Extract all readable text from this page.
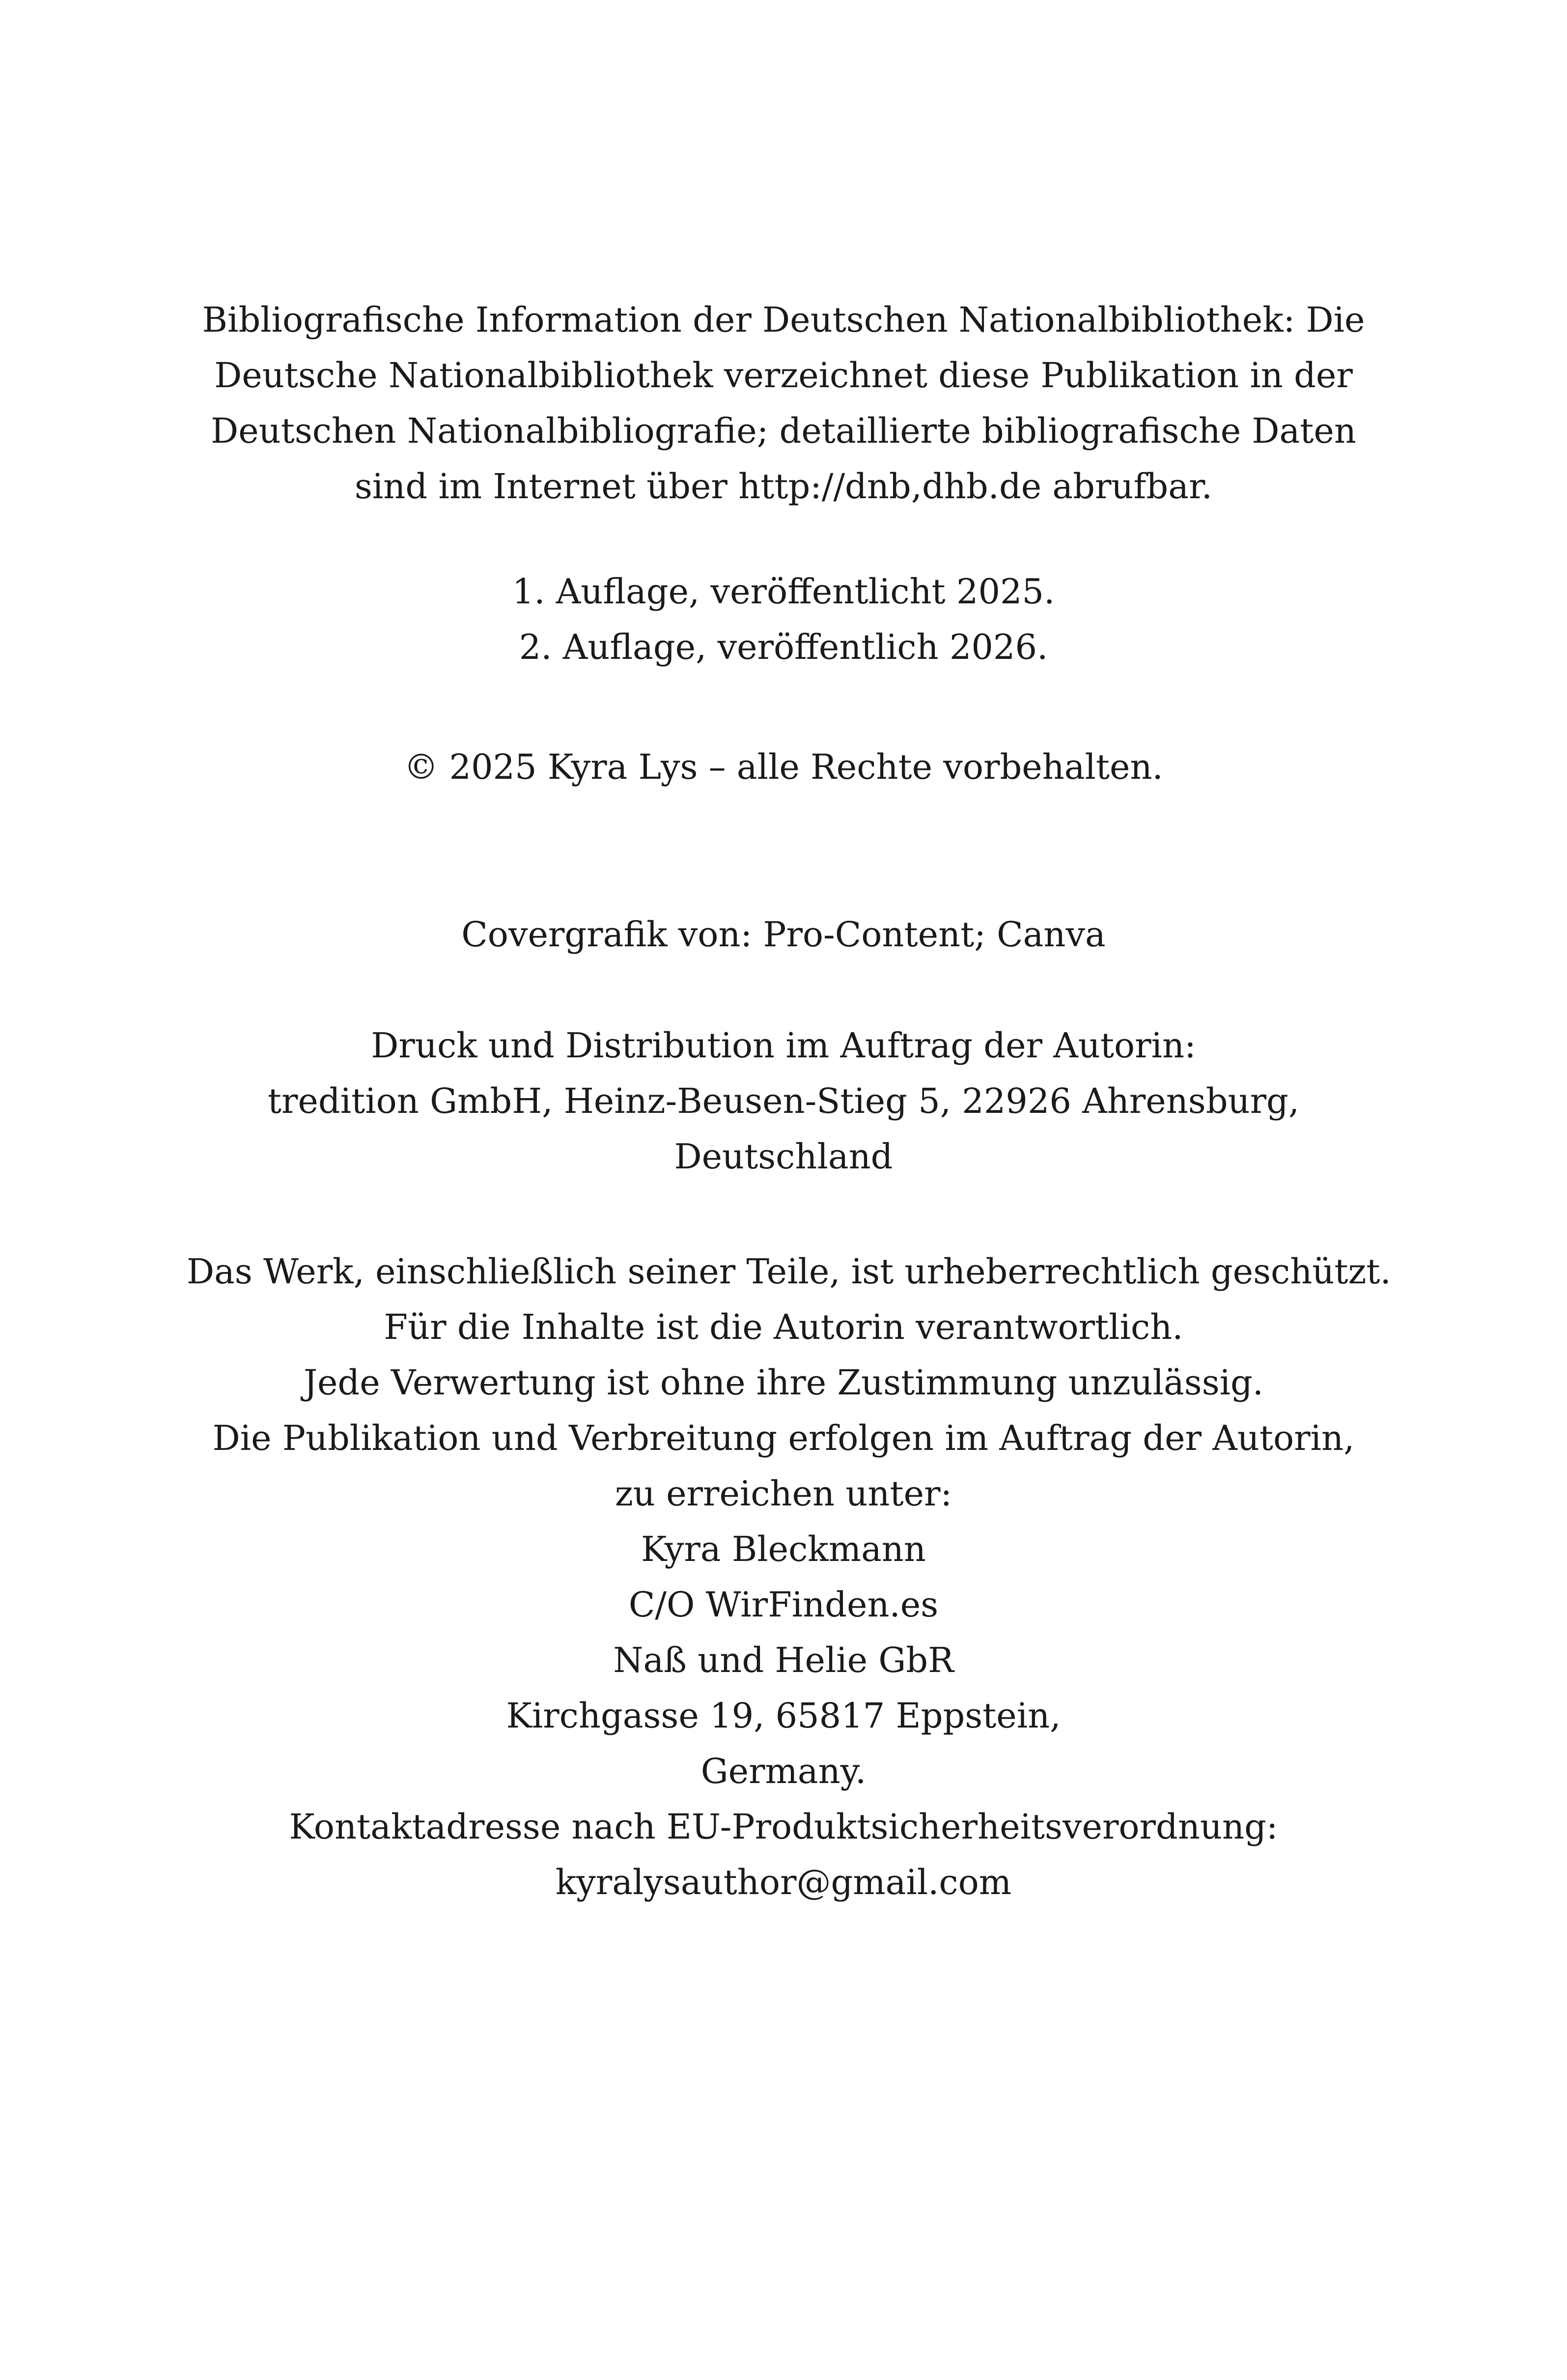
Bibliografische Information der Deutschen Nationalbibliothek: Die
Deutsche Nationalbibliothek verzeichnet diese Publikation in der
Deutschen Nationalbibliografie; detaillierte bibliografische Daten
sind im Internet über http://dnb,dhb.de abrufbar.
1. Auflage, veröffentlicht 2025.
2. Auflage, veröffentlich 2026.
© 2025 Kyra Lys – alle Rechte vorbehalten.
Covergrafik von: Pro-Content; Canva
Druck und Distribution im Auftrag der Autorin:
tredition GmbH, Heinz-Beusen-Stieg 5, 22926 Ahrensburg,
Deutschland
Das Werk, einschließlich seiner Teile, ist urheberrechtlich geschützt.
Für die Inhalte ist die Autorin verantwortlich.
Jede Verwertung ist ohne ihre Zustimmung unzulässig.
Die Publikation und Verbreitung erfolgen im Auftrag der Autorin,
zu erreichen unter:
Kyra Bleckmann
C/O WirFinden.es
Naß und Helie GbR
Kirchgasse 19, 65817 Eppstein,
Germany.
Kontaktadresse nach EU-Produktsicherheitsverordnung:
kyralysauthor@gmail.com
